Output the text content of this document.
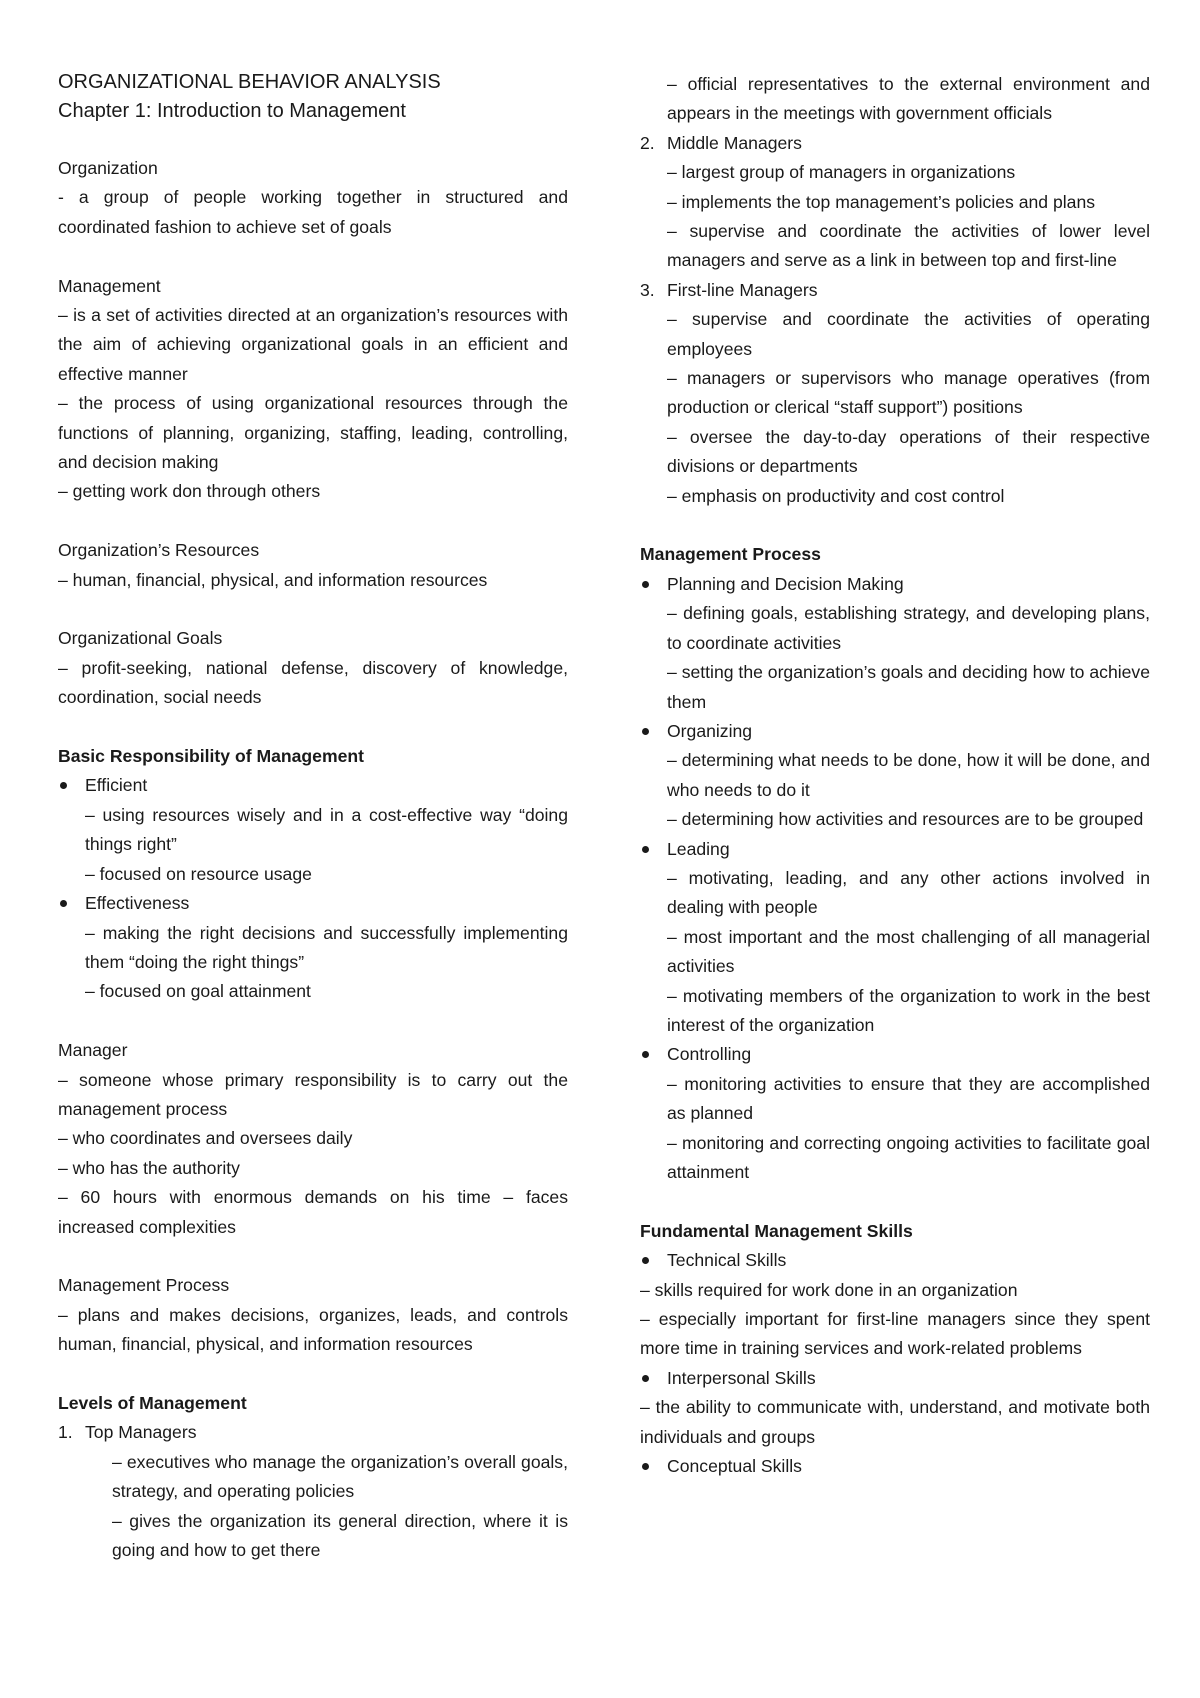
ORGANIZATIONAL BEHAVIOR ANALYSIS
Chapter 1: Introduction to Management
Organization
- a group of people working together in structured and coordinated fashion to achieve set of goals
Management
– is a set of activities directed at an organization’s resources with the aim of achieving organizational goals in an efficient and effective manner
– the process of using organizational resources through the functions of planning, organizing, staffing, leading, controlling, and decision making
– getting work don through others
Organization’s Resources
– human, financial, physical, and information resources
Organizational Goals
– profit-seeking, national defense, discovery of knowledge, coordination, social needs
Basic Responsibility of Management
Efficient
– using resources wisely and in a cost-effective way “doing things right”
– focused on resource usage
Effectiveness
– making the right decisions and successfully implementing them “doing the right things”
– focused on goal attainment
Manager
– someone whose primary responsibility is to carry out the management process
– who coordinates and oversees daily
– who has the authority
– 60 hours with enormous demands on his time – faces increased complexities
Management Process
– plans and makes decisions, organizes, leads, and controls human, financial, physical, and information resources
Levels of Management
1. Top Managers
– executives who manage the organization’s overall goals, strategy, and operating policies
– gives the organization its general direction, where it is going and how to get there
– official representatives to the external environment and appears in the meetings with government officials
2. Middle Managers
– largest group of managers in organizations
– implements the top management’s policies and plans
– supervise and coordinate the activities of lower level managers and serve as a link in between top and first-line
3. First-line Managers
– supervise and coordinate the activities of operating employees
– managers or supervisors who manage operatives (from production or clerical “staff support”) positions
– oversee the day-to-day operations of their respective divisions or departments
– emphasis on productivity and cost control
Management Process
Planning and Decision Making
– defining goals, establishing strategy, and developing plans, to coordinate activities
– setting the organization’s goals and deciding how to achieve them
Organizing
– determining what needs to be done, how it will be done, and who needs to do it
– determining how activities and resources are to be grouped
Leading
– motivating, leading, and any other actions involved in dealing with people
– most important and the most challenging of all managerial activities
– motivating members of the organization to work in the best interest of the organization
Controlling
– monitoring activities to ensure that they are accomplished as planned
– monitoring and correcting ongoing activities to facilitate goal attainment
Fundamental Management Skills
Technical Skills
– skills required for work done in an organization
– especially important for first-line managers since they spent more time in training services and work-related problems
Interpersonal Skills
– the ability to communicate with, understand, and motivate both individuals and groups
Conceptual Skills
